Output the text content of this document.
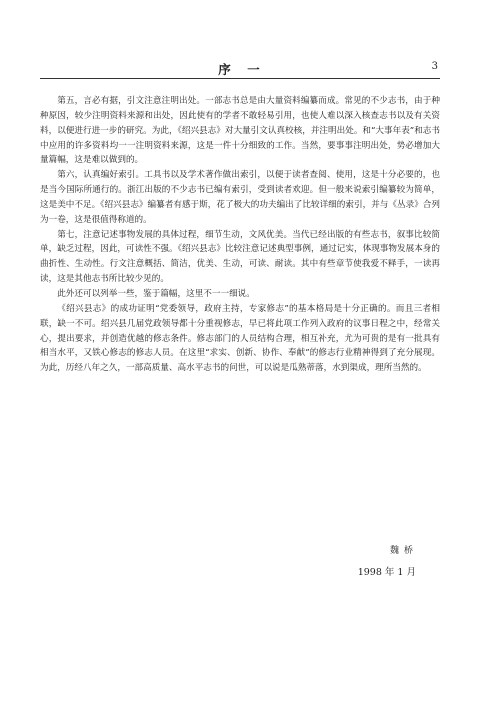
序　一	3

第五，言必有据，引文注意注明出处。一部志书总是由大量资料编纂而成。常见的不少志书，由于种种原因，较少注明资料来源和出处，因此使有的学者不敢轻易引用，也使人难以深入核查志书以及有关资料，以便进行进一步的研究。为此，《绍兴县志》对大量引文认真校核，并注明出处。和“大事年表”和志书中应用的许多资料均一一注明资料来源，这是一件十分细致的工作。当然，要事事注明出处，势必增加大量篇幅，这是难以做到的。

第六，认真编好索引。工具书以及学术著作做出索引，以便于读者查阅、使用，这是十分必要的，也是当今国际所通行的。浙江出版的不少志书已编有索引，受到读者欢迎。但一般来说索引编纂较为简单，这是美中不足。《绍兴县志》编纂者有感于斯，花了极大的功夫编出了比较详细的索引，并与《丛录》合列为一卷，这是很值得称道的。

第七，注意记述事物发展的具体过程，细节生动，文风优美。当代已经出版的有些志书，叙事比较简单，缺乏过程，因此，可读性不强。《绍兴县志》比较注意记述典型事例，通过记实，体现事物发展本身的曲折性、生动性。行文注意概括、简洁，优美、生动，可读、耐读。其中有些章节使我爱不释手，一读再读，这是其他志书所比较少见的。

此外还可以列举一些，鉴于篇幅，这里不一一细说。

《绍兴县志》的成功证明“党委领导，政府主持，专家修志”的基本格局是十分正确的。而且三者相联，缺一不可。绍兴县几届党政领导都十分重视修志，早已将此项工作列入政府的议事日程之中，经常关心，提出要求，并创造优越的修志条件。修志部门的人员结构合理，相互补充，尤为可贵的是有一批具有相当水平，又铁心修志的修志人员。在这里“求实、创新、协作、奉献”的修志行业精神得到了充分展现。为此，历经八年之久，一部高质量、高水平志书的问世，可以说是瓜熟蒂落，水到渠成，理所当然的。

魏桥
1998 年 1 月
